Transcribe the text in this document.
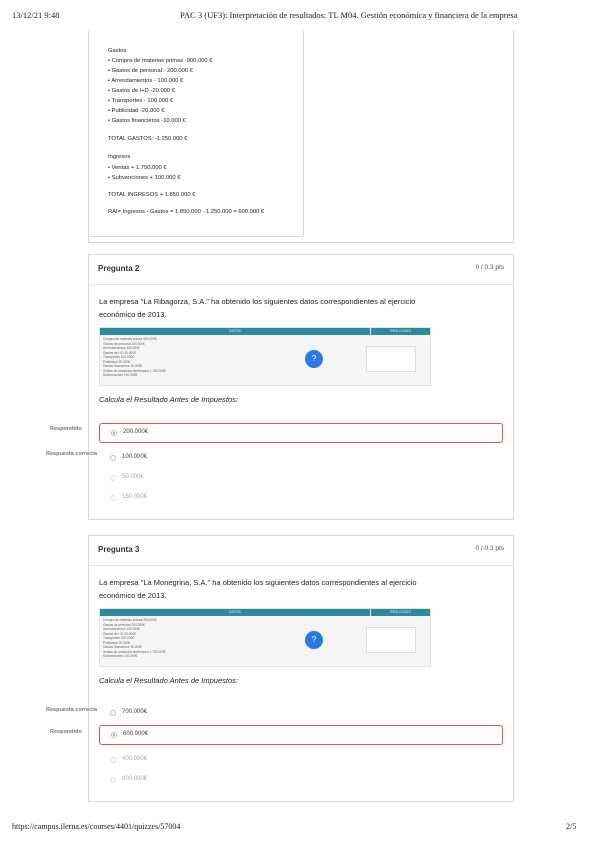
13/12/21 9:48	PAC 3 (UF3): Interpretación de resultados: TL M04. Gestión económica y financiera de la empresa
https://campus.ilerna.es/courses/4401/quizzes/57004	2/5
Gastos
• Compra de materias primas -900.000 €
• Gastos de personal - 200.000 €
• Arrendamientos - 100.000 €
• Gastos de I+D -20.000 €
• Transportes - 100.000 €
• Publicidad -20.000 €
• Gastos financieros -10.000 €
TOTAL GASTOS: -1.250.000 €
Ingresos
• Ventas + 1.750.000 €
• Subvenciones + 100.000 €
TOTAL INGRESOS + 1.850.000 €
RAI= Ingresos - Gastos = 1.850.000 - 1.250.000 = 600.000 €
Pregunta 2	0 / 0.3 pts
La empresa "La Ribagorza, S.A." ha obtenido los siguientes datos correspondientes al ejercicio
económico de 2013.
DATOS	RESULTADO
Compra de materias primas 900.000€
Gastos de personal 200.000€
Arrendamientos 100.000€
Gastos de I+D 20.000€
Transportes 100.000€
Publicidad 20.000€
Gastos financieros 10.000€
Ventas de productos terminados 1.750.000€
Subvenciones 100.000€
?
Calcula el Resultado Antes de Impuestos:
200.000€
100.000€
50.000€
150.000€
Respondido
Respuesta correcta
Pregunta 3	0 / 0.3 pts
La empresa "La Monegrina, S.A." ha obtenido los siguientes datos correspondientes al ejercicio
económico de 2013.
DATOS	RESULTADO
Compra de materias primas 900.000€
Gastos de personal 200.000€
Arrendamientos 100.000€
Gastos de I+D 20.000€
Transportes 100.000€
Publicidad 20.000€
Gastos financieros 10.000€
Ventas de productos terminados 1.750.000€
Subvenciones 100.000€
?
Calcula el Resultado Antes de Impuestos:
700.000€
600.000€
400.000€
800.000€
Respuesta correcta
Respondido
